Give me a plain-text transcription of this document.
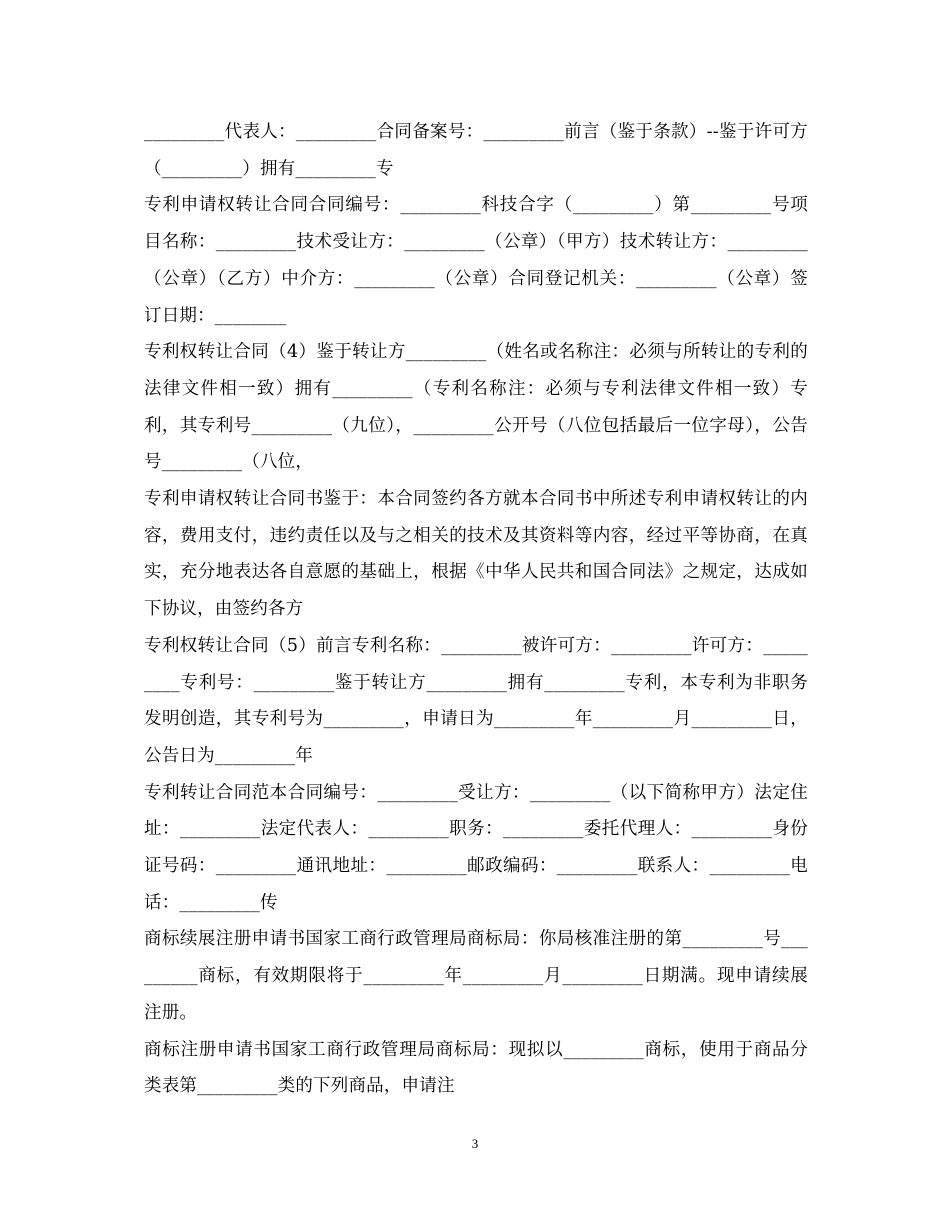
_________代表人：_________合同备案号：_________前言（鉴于条款）--鉴于许可方（_________）拥有_________专

专利申请权转让合同合同编号：_________科技合字（_________）第_________号项目名称：_________技术受让方：_________（公章）（甲方）技术转让方：_________（公章）（乙方）中介方：_________（公章）合同登记机关：_________（公章）签订日期：________

专利权转让合同（4）鉴于转让方_________（姓名或名称注：必须与所转让的专利的法律文件相一致）拥有_________（专利名称注：必须与专利法律文件相一致）专利，其专利号_________（九位），_________公开号（八位包括最后一位字母），公告号_________（八位，

专利申请权转让合同书鉴于：本合同签约各方就本合同书中所述专利申请权转让的内容，费用支付，违约责任以及与之相关的技术及其资料等内容，经过平等协商，在真实，充分地表达各自意愿的基础上，根据《中华人民共和国合同法》之规定，达成如下协议，由签约各方

专利权转让合同（5）前言专利名称：_________被许可方：_________许可方：_________专利号：_________鉴于转让方_________拥有_________专利，本专利为非职务发明创造，其专利号为_________，申请日为_________年_________月_________日，公告日为_________年

专利转让合同范本合同编号：_________受让方：_________（以下简称甲方）法定住址：_________法定代表人：_________职务：_________委托代理人：_________身份证号码：_________通讯地址：_________邮政编码：_________联系人：_________电话：_________传

商标续展注册申请书国家工商行政管理局商标局：你局核准注册的第_________号_________商标，有效期限将于_________年_________月_________日期满。现申请续展注册。

商标注册申请书国家工商行政管理局商标局：现拟以_________商标，使用于商品分类表第_________类的下列商品，申请注

3
